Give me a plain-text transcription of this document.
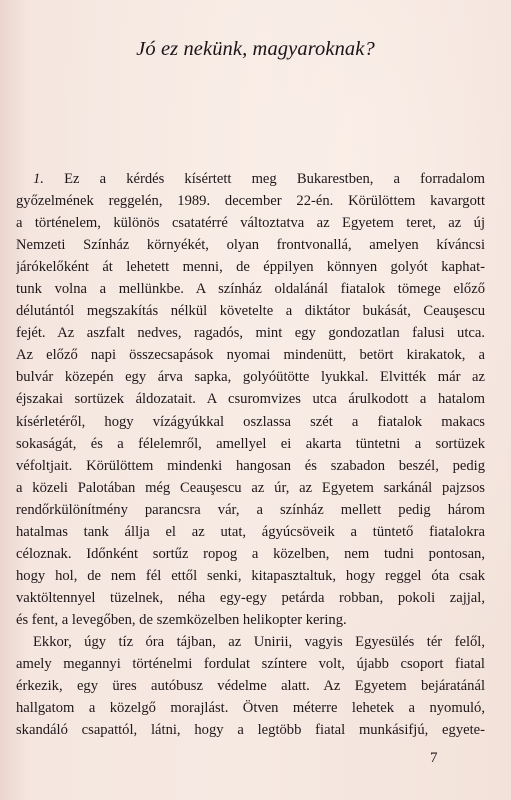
Jó ez nekünk, magyaroknak?
1. Ez a kérdés kísértett meg Bukarestben, a forradalom
győzelmének reggelén, 1989. december 22-én. Körülöttem kavargott
a történelem, különös csatatérré változtatva az Egyetem teret, az új
Nemzeti Színház környékét, olyan frontvonallá, amelyen kíváncsi
járókelőként át lehetett menni, de éppilyen könnyen golyót kaphat-
tunk volna a mellünkbe. A színház oldalánál fiatalok tömege előző
délutántól megszakítás nélkül követelte a diktátor bukását, Ceauşescu
fejét. Az aszfalt nedves, ragadós, mint egy gondozatlan falusi utca.
Az előző napi összecsapások nyomai mindenütt, betört kirakatok, a
bulvár közepén egy árva sapka, golyóütötte lyukkal. Elvitték már az
éjszakai sortüzek áldozatait. A csuromvizes utca árulkodott a hatalom
kísérletéről, hogy vízágyúkkal oszlassa szét a fiatalok makacs
sokaságát, és a félelemről, amellyel ei akarta tüntetni a sortüzek
véfoltjait. Körülöttem mindenki hangosan és szabadon beszél, pedig
a közeli Palotában még Ceauşescu az úr, az Egyetem sarkánál pajzsos
rendőrkülönítmény parancsra vár, a színház mellett pedig három
hatalmas tank állja el az utat, ágyúcsöveik a tüntető fiatalokra
céloznak. Időnként sortűz ropog a közelben, nem tudni pontosan,
hogy hol, de nem fél ettől senki, kitapasztaltuk, hogy reggel óta csak
vaktöltennyel tüzelnek, néha egy-egy petárda robban, pokoli zajjal,
és fent, a levegőben, de szemközelben helikopter kering.
Ekkor, úgy tíz óra tájban, az Unirii, vagyis Egyesülés tér felől,
amely megannyi történelmi fordulat színtere volt, újabb csoport fiatal
érkezik, egy üres autóbusz védelme alatt. Az Egyetem bejáratánál
hallgatom a közelgő morajlást. Ötven méterre lehetek a nyomuló,
skandáló csapattól, látni, hogy a legtöbb fiatal munkásifjú, egyete-
7
